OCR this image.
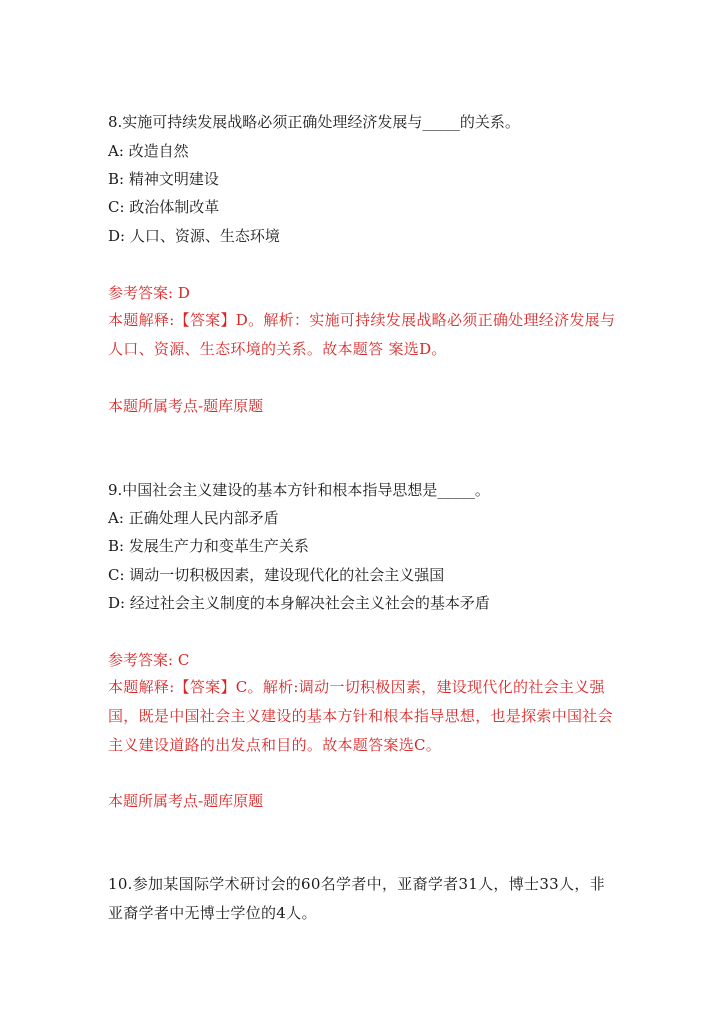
8.实施可持续发展战略必须正确处理经济发展与_____的关系。
A: 改造自然
B: 精神文明建设
C: 政治体制改革
D: 人口、资源、生态环境
参考答案: D
本题解释:【答案】D。解析：实施可持续发展战略必须正确处理经济发展与人口、资源、生态环境的关系。故本题答 案选D。
本题所属考点-题库原题
9.中国社会主义建设的基本方针和根本指导思想是_____。
A: 正确处理人民内部矛盾
B: 发展生产力和变革生产关系
C: 调动一切积极因素，建设现代化的社会主义强国
D: 经过社会主义制度的本身解决社会主义社会的基本矛盾
参考答案: C
本题解释:【答案】C。解析:调动一切积极因素，建设现代化的社会主义强国，既是中国社会主义建设的基本方针和根本指导思想，也是探索中国社会主义建设道路的出发点和目的。故本题答案选C。
本题所属考点-题库原题
10.参加某国际学术研讨会的60名学者中，亚裔学者31人，博士33人，非亚裔学者中无博士学位的4人。
